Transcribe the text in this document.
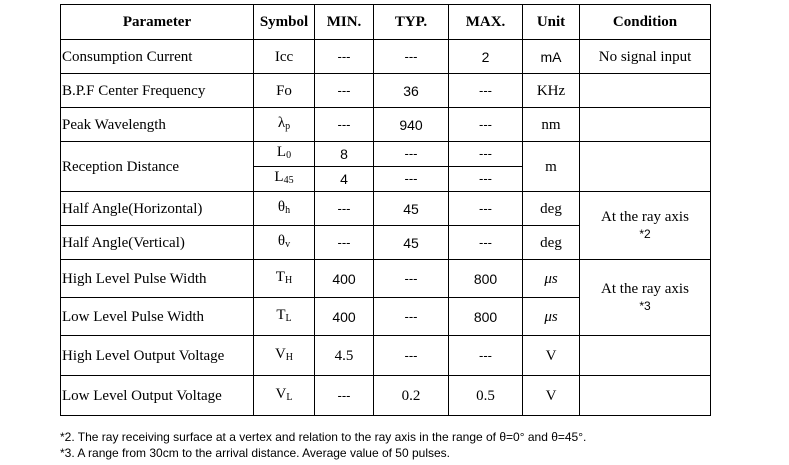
Parameter	Symbol	MIN.	TYP.	MAX.	Unit	Condition
Consumption Current	Icc	---	---	2	mA	No signal input
B.P.F Center Frequency	Fo	---	36	---	KHz	
Peak Wavelength	$\lambda_p$	---	940	---	nm	
Reception Distance	$L_0$	8	---	---	m	
	$L_{45}$	4	---	---		
Half Angle(Horizontal)	$\theta_h$	---	45	---	deg	At the ray axis
*2

Half Angle(Vertical)	$\theta_v$	---	45	---	deg	
High Level Pulse Width	$T_H$	400	---	800	μs	At the ray axis
*3

Low Level Pulse Width	$T_L$	400	---	800	μs	
High Level Output Voltage	$V_H$	4.5	---	---	V	
Low Level Output Voltage	$V_L$	---	0.2	0.5	V	
*2. The ray receiving surface at a vertex and relation to the ray axis in the range of θ=0° and θ=45°.
*3. A range from 30cm to the arrival distance. Average value of 50 pulses.
